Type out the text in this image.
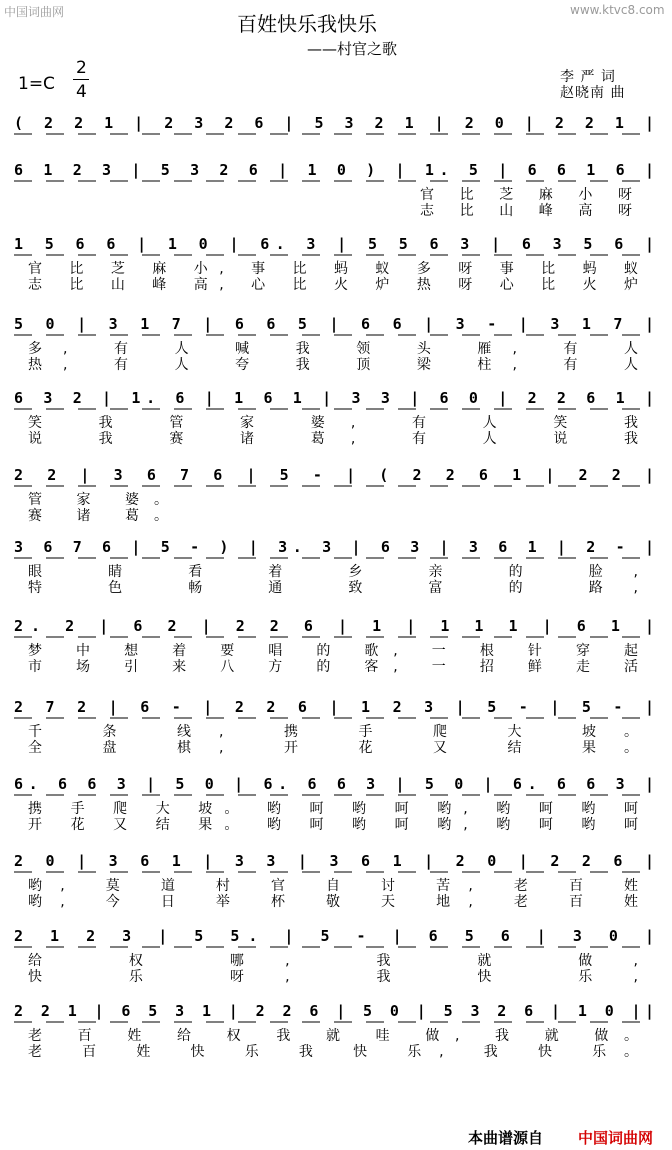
中国词曲网	www.ktvc8.com
百姓快乐我快乐
——村官之歌
1=C
2
4
李 严 词
赵晓南 曲
( 2 2 1 | 2 3 2 6 | 5 3 2 1 | 2 0 | 2 2 1 |
6 1 2 3 | 5 3 2 6 | 1 0 ) | 1. 5 | 6 6 1 6 |
官 比 芝 麻 小 呀
志 比 山 峰 高 呀
1 5 6 6 | 1 0 | 6. 3 | 5 5 6 3 | 6 3 5 6 |
官 比 芝 麻 小, 事 比 蚂 蚁 多 呀 事 比 蚂 蚁
志 比 山 峰 高, 心 比 火 炉 热 呀 心 比 火 炉
5 0 | 3 1 7 | 6 6 5 | 6 6 | 3 - | 3 1 7 |
多, 有 人 喊 我 领 头 雁, 有 人
热, 有 人 夸 我 顶 梁 柱, 有 人
6 3 2 | 1. 6 | 1 6 1 | 3 3 | 6 0 | 2 2 6 1 |
笑 我 管 家 婆, 有 人 笑 我
说 我 赛 诸 葛, 有 人 说 我
2 2 | 3 6 7 6 | 5 - | ( 2 2 6 1 | 2 2 |
管 家 婆。
赛 诸 葛。
3 6 7 6 | 5 - ) | 3. 3 | 6 3 | 3 6 1 | 2 - |
眼 睛 看 着 乡 亲 的 脸,
特 色 畅 通 致 富 的 路,
2. 2 | 6 2 | 2 2 6 | 1 | 1 1 1 | 6 1 |
梦 中 想 着 要 唱 的 歌, 一 根 针 穿 起
市 场 引 来 八 方 的 客, 一 招 鲜 走 活
2 7 2 | 6 - | 2 2 6 | 1 2 3 | 5 - | 5 - |
千 条 线, 携 手 爬 大 坡。
全 盘 棋, 开 花 又 结 果。
6. 6 6 3 | 5 0 | 6. 6 6 3 | 5 0 | 6. 6 6 3 |
携 手 爬 大 坡。 哟 呵 哟 呵 哟, 哟 呵 哟 呵
开 花 又 结 果。 哟 呵 哟 呵 哟, 哟 呵 哟 呵
2 0 | 3 6 1 | 3 3 | 3 6 1 | 2 0 | 2 2 6 |
哟, 莫 道 村 官 自 讨 苦, 老 百 姓
哟, 今 日 举 杯 敬 天 地, 老 百 姓
2 1 2 3 | 5 5. | 5 - | 6 5 6 | 3 0 |
给 权 哪, 我 就 做,
快 乐 呀, 我 快 乐,
2 2 1 | 6 5 3 1 | 2 2 6 | 5 0 | 5 3 2 6 | 1 0 ||
老 百 姓 给 权 我 就 哇 做, 我 就 做。
老 百 姓 快 乐 我 快 乐, 我 快 乐。
本曲谱源自 中国词曲网
